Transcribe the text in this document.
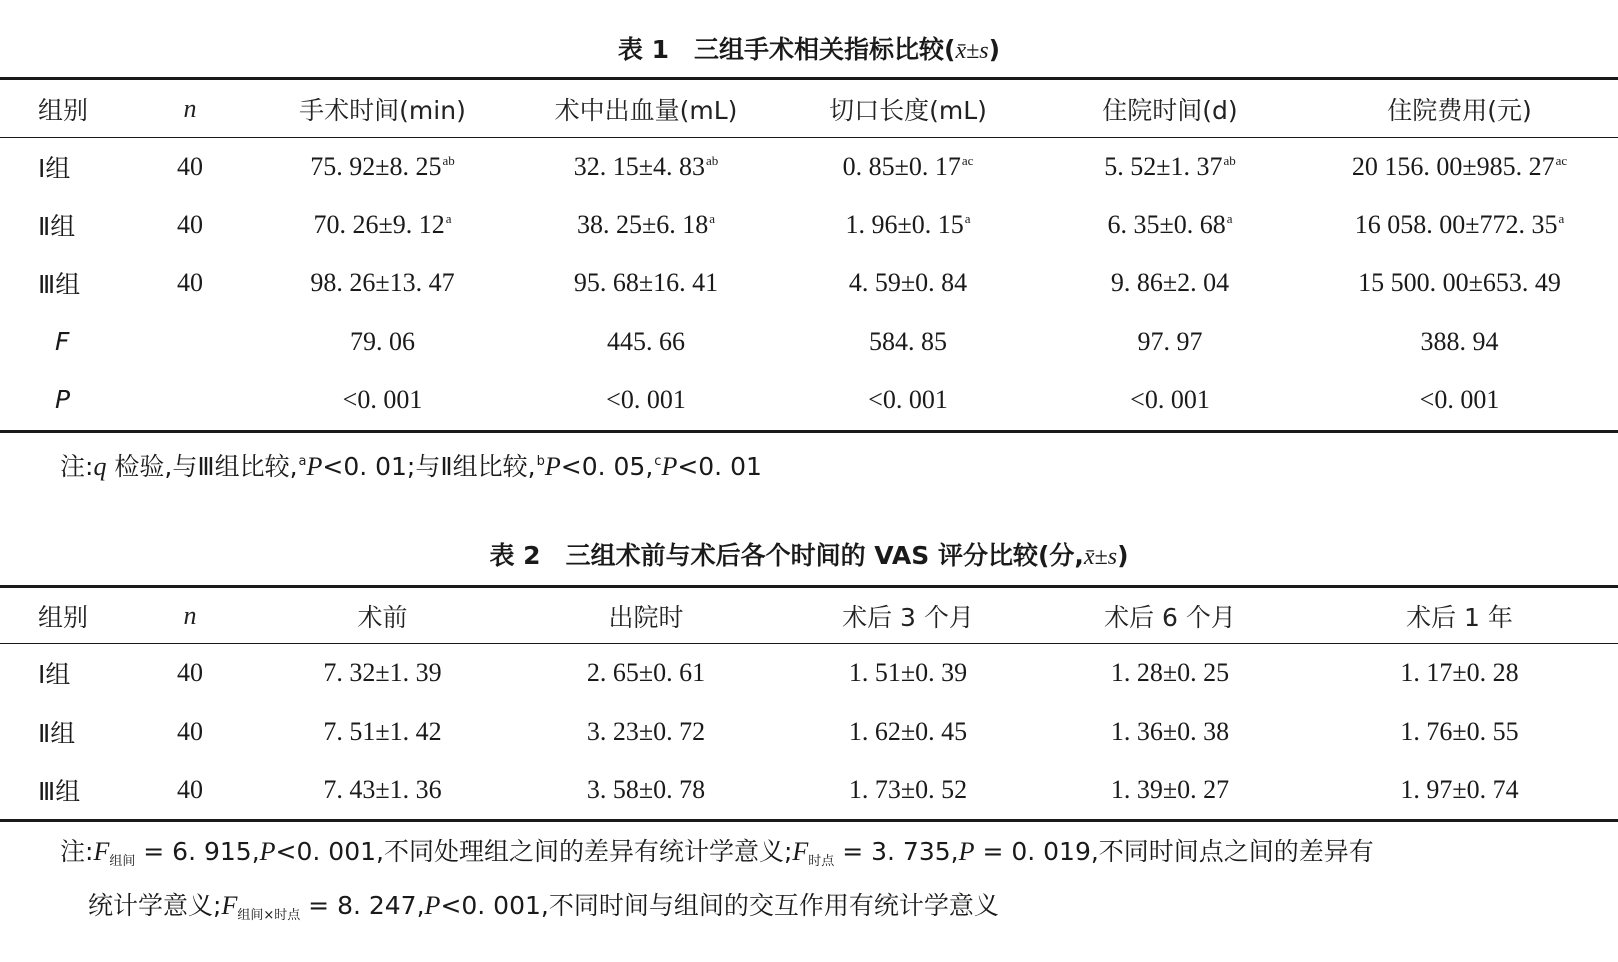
表 1　三组手术相关指标比较(x̄±s)
组别	n	手术时间(min)	术中出血量(mL)	切口长度(mL)	住院时间(d)	住院费用(元)
Ⅰ组	40	75. 92±8. $25^{ab}$	32. 15±4. $83^{ab}$	0. 85±0. $17^{ac}$	5. 52±1. $37^{ab}$	20 156. 00±985. $27^{ac}$
Ⅱ组	40	70. 26±9. 12$^a$	38. 25±6. 18$^a$	1. 96±0. 15$^a$	6. 35±0. 68$^a$	16 058. 00±772. 35$^a$
Ⅲ组	40	98. 26±13. 47	95. 68±16. 41	4. 59±0. 84	9. 86±2. 04	15 500. 00±653. 49
F		79. 06	445. 66	584. 85	97. 97	388. 94
P		<0. 001	<0. 001	<0. 001	<0. 001	<0. 001
注:q 检验,与Ⅲ组比较,$^a$P<0. 01;与Ⅱ组比较,$^b$P<0. 05,$^c$P<0. 01
表 2　三组术前与术后各个时间的 VAS 评分比较(分,x̄±s)
组别	n	术前	出院时	术后 3 个月	术后 6 个月	术后 1 年
Ⅰ组	40	7. 32±1. 39	2. 65±0. 61	1. 51±0. 39	1. 28±0. 25	1. 17±0. 28
Ⅱ组	40	7. 51±1. 42	3. 23±0. 72	1. 62±0. 45	1. 36±0. 38	1. 76±0. 55
Ⅲ组	40	7. 43±1. 36	3. 58±0. 78	1. 73±0. 52	1. 39±0. 27	1. 97±0. 74
注$:F_{组间} = 6$. 915,P<0. 001,不同处理组之间的差异有统计学意义$;F_{时点} = 3$. 735,P = 0. 019,不同时间点之间的差异有
统计学意义$;F_{组间\times 时点} = 8$. 247,P<0. 001,不同时间与组间的交互作用有统计学意义
